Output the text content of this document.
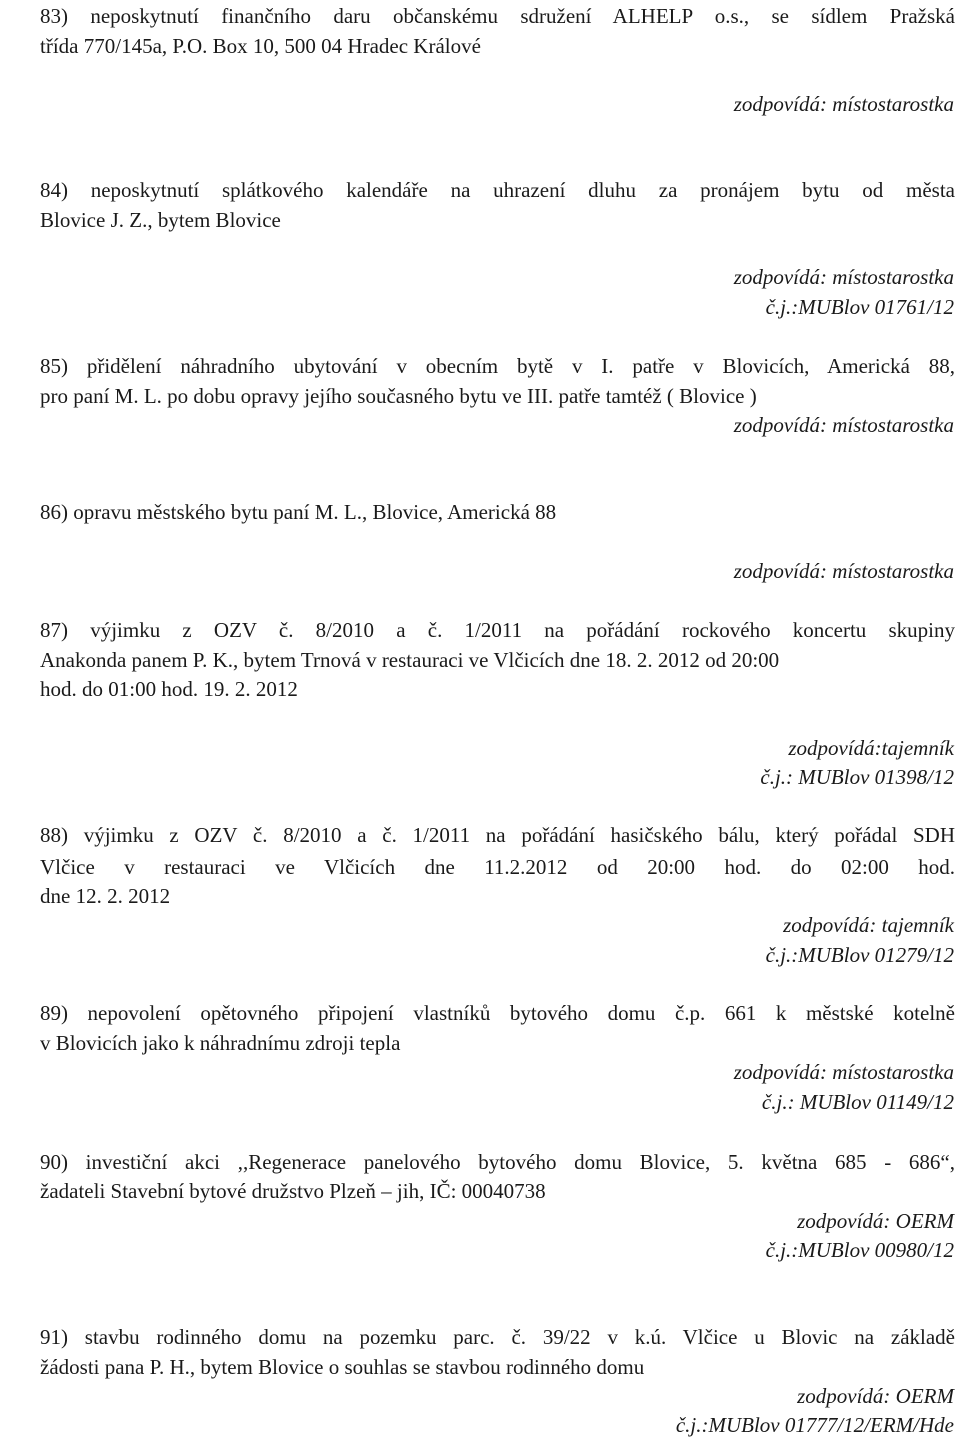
83) neposkytnutí finančního daru občanskému sdružení ALHELP o.s., se sídlem Pražská
třída 770/145a, P.O. Box 10, 500 04 Hradec Králové
zodpovídá: místostarostka
84) neposkytnutí splátkového kalendáře na uhrazení dluhu za pronájem bytu od města
Blovice J. Z., bytem Blovice
zodpovídá: místostarostka
č.j.:MUBlov 01761/12
85) přidělení náhradního ubytování v obecním bytě v I. patře v Blovicích, Americká 88,
pro paní M. L. po dobu opravy jejího současného bytu ve III. patře tamtéž ( Blovice )
zodpovídá: místostarostka
86) opravu městského bytu paní M. L., Blovice, Americká 88
zodpovídá: místostarostka
87) výjimku z OZV č. 8/2010 a č. 1/2011 na pořádání rockového koncertu skupiny
Anakonda panem P. K., bytem Trnová v restauraci ve Vlčicích dne 18. 2. 2012 od 20:00
hod. do 01:00 hod. 19. 2. 2012
zodpovídá:tajemník
č.j.: MUBlov 01398/12
88) výjimku z OZV č. 8/2010 a č. 1/2011 na pořádání hasičského bálu, který pořádal SDH
Vlčice v restauraci ve Vlčicích dne 11.2.2012 od 20:00 hod. do 02:00 hod.
dne 12. 2. 2012
zodpovídá: tajemník
č.j.:MUBlov 01279/12
89) nepovolení opětovného připojení vlastníků bytového domu č.p. 661 k městské kotelně
v Blovicích jako k náhradnímu zdroji tepla
zodpovídá: místostarostka
č.j.: MUBlov 01149/12
90) investiční akci ,,Regenerace panelového bytového domu Blovice, 5. května 685 - 686“,
žadateli Stavební bytové družstvo Plzeň – jih, IČ: 00040738
zodpovídá: OERM
č.j.:MUBlov 00980/12
91) stavbu rodinného domu na pozemku parc. č. 39/22 v k.ú. Vlčice u Blovic na základě
žádosti pana P. H., bytem Blovice o souhlas se stavbou rodinného domu
zodpovídá: OERM
č.j.:MUBlov 01777/12/ERM/Hde
